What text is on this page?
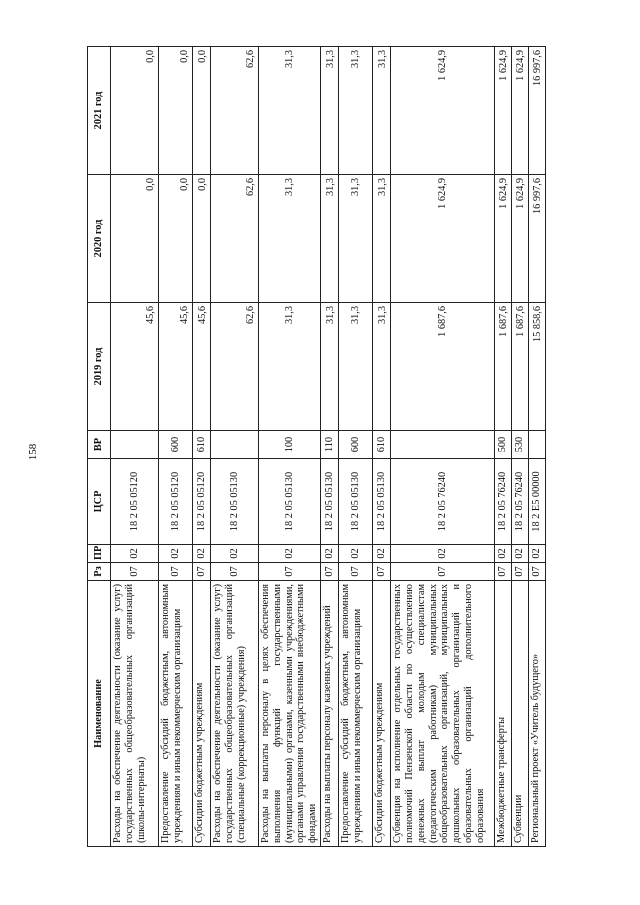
158
Наименование	Рз	ПР	ЦСР	ВР	2019 год	2020 год	2021 год
Расходы на обеспечение деятельности (оказание услуг) государственных общеобразовательных организаций (школы-интернаты)	07	02	18 2 05 05120		45,6	0,0	0,0
Предоставление субсидий бюджетным, автономным учреждениям и иным некоммерческим организациям	07	02	18 2 05 05120	600	45,6	0,0	0,0
Субсидии бюджетным учреждениям	07	02	18 2 05 05120	610	45,6	0,0	0,0
Расходы на обеспечение деятельности (оказание услуг) государственных общеобразовательных организаций (специальные (коррекционные) учреждения)	07	02	18 2 05 05130		62,6	62,6	62,6
Расходы на выплаты персоналу в целях обеспечения выполнения функций государственными (муниципальными) органами, казенными учреждениями, органами управления государственными внебюджетными фондами	07	02	18 2 05 05130	100	31,3	31,3	31,3
Расходы на выплаты персоналу казенных учреждений	07	02	18 2 05 05130	110	31,3	31,3	31,3
Предоставление субсидий бюджетным, автономным учреждениям и иным некоммерческим организациям	07	02	18 2 05 05130	600	31,3	31,3	31,3
Субсидии бюджетным учреждениям	07	02	18 2 05 05130	610	31,3	31,3	31,3
Субвенция на исполнение отдельных государственных полномочий Пензенской области по осуществлению денежных выплат молодым специалистам (педагогическим работникам) муниципальных общеобразовательных организаций, муниципальных дошкольных образовательных организаций и образовательных организаций дополнительного образования	07	02	18 2 05 76240		1 687,6	1 624,9	1 624,9
Межбюджетные трансферты	07	02	18 2 05 76240	500	1 687,6	1 624,9	1 624,9
Субвенции	07	02	18 2 05 76240	530	1 687,6	1 624,9	1 624,9
Региональный проект «Учитель будущего»	07	02	18 2 E5 00000		15 858,6	16 997,6	16 997,6
